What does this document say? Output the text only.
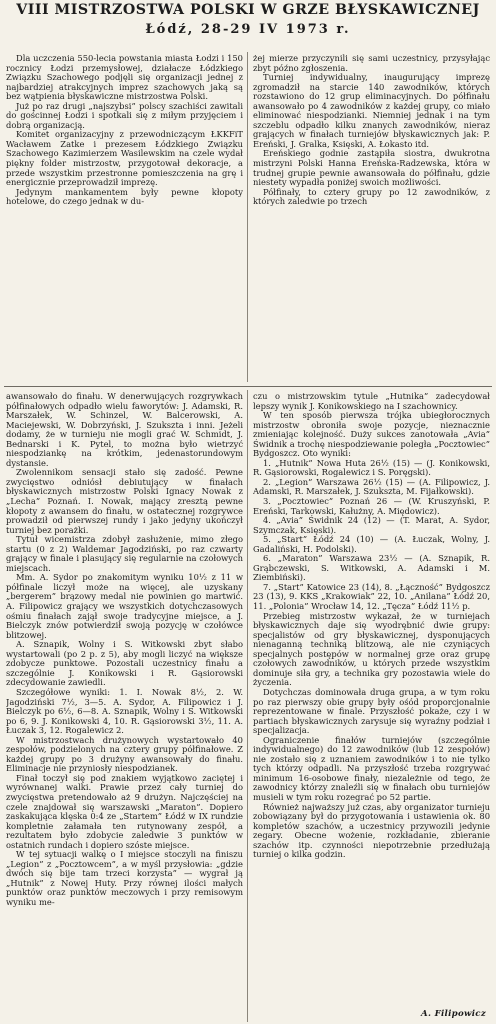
VIII MISTRZOSTWA POLSKI W GRZE BŁYSKAWICZNEJ
Łódź, 28-29 IV 1973 r.

Dla uczczenia 550-lecia powstania miasta Łodzi i 150 rocznicy Łodzi przemysłowej, działacze Łódzkiego Związku Szachowego podjęli się organizacji jednej z najbardziej atrakcyjnych imprez szachowych jaką są bez wątpienia błyskawiczne mistrzostwa Polski.

Już po raz drugi „najszybsi” polscy szachiści zawitali do gościnnej Łodzi i spotkali się z miłym przyjęciem i dobrą organizacją.

Komitet organizacyjny z przewodniczącym ŁKKFiT Wacławem Zatke i prezesem Łódzkiego Związku Szachowego Kazimierzem Wasilewskim na czele wydał piękny folder mistrzostw, przygotował dekoracje, a przede wszystkim przestronne pomieszczenia na grę i energicznie przeprowadził imprezę.

Jedynym mankamentem były pewne kłopoty hotelowe, do czego jednak w du-

żej mierze przyczynili się sami uczestnicy, przysyłając zbyt późno zgłoszenia.

Turniej indywidualny, inaugurujący imprezę zgromadził na starcie 140 zawodników, których rozstawiono do 12 grup eliminacyjnych. Do półfinału awansowało po 4 zawodników z każdej grupy, co miało eliminować niespodzianki. Niemniej jednak i na tym szczeblu odpadło kilku znanych zawodników, nieraz grających w finałach turniejów błyskawicznych jak: P. Ereński, J. Gralka, Księski, A. Łokasto itd.

Ereńskiego godnie zastąpiła siostra, dwukrotna mistrzyni Polski Hanna Ereńska-Radzewska, która w trudnej grupie pewnie awansowała do półfinału, gdzie niestety wypadła poniżej swoich możliwości.

Półfinały, to cztery grupy po 12 zawodników, z których zaledwie po trzech

awansowało do finału. W denerwujących rozgrywkach półfinałowych odpadło wielu faworytów: J. Adamski, R. Marszałek, W. Schinzel, W. Balcerowski, A. Maciejewski, W. Dobrzyński, J. Szukszta i inni. Jeżeli dodamy, że w turnieju nie mogli grać W. Schmidt, J. Bednarski i K. Pytel, to można było wietrzyć niespodziankę na krótkim, jedenastorundowym dystansie.

Zwolennikom sensacji stało się zadość. Pewne zwycięstwo odniósł debiutujący w finałach błyskawicznych mistrzostw Polski Ignacy Nowak z „Lecha” Poznań. I. Nowak, mający zresztą pewne kłopoty z awansem do finału, w ostatecznej rozgrywce prowadził od pierwszej rundy i jako jedyny ukończył turniej bez porażki.

Tytuł wicemistrza zdobył zasłużenie, mimo złego startu (0 z 2) Waldemar Jagodziński, po raz czwarty grający w finale i plasujący się regularnie na czołowych miejscach.

Mm. A. Sydor po znakomitym wyniku 10½ z 11 w półfinale liczył może na więcej, ale uzyskany „bergerem” brązowy medal nie powinien go martwić. A. Filipowicz grający we wszystkich dotychczasowych ośmiu finałach zajął swoje tradycyjne miejsce, a J. Bielczyk znów potwierdził swoją pozycję w czołówce blitzowej.

A. Sznapik, Wolny i S. Witkowski zbyt słabo wystartowali (po 2 p. z 5), aby mogli liczyć na większe zdobycze punktowe. Pozostali uczestnicy finału a szczególnie J. Konikowski i R. Gąsiorowski zdecydowanie zawiedli.

Szczegółowe wyniki: 1. I. Nowak 8½, 2. W. Jagodziński 7½, 3—5. A. Sydor, A. Filipowicz i J. Bielczyk po 6½, 6—8. A. Sznapik, Wolny i S. Witkowski po 6, 9. J. Konikowski 4, 10. R. Gąsiorowski 3½, 11. A. Łuczak 3, 12. Rogalewicz 2.

W mistrzostwach drużynowych wystartowało 40 zespołów, podzielonych na cztery grupy półfinałowe. Z każdej grupy po 3 drużyny awansowały do finału. Eliminacje nie przyniosły niespodzianek.

Finał toczył się pod znakiem wyjątkowo zaciętej i wyrównanej walki. Prawie przez cały turniej do zwycięstwa pretendowało aż 9 drużyn. Najczęściej na czele znajdował się warszawski „Maraton”. Dopiero zaskakująca klęska 0:4 ze „Startem” Łódź w IX rundzie kompletnie załamała ten rutynowany zespół, a rezultatem było zdobycie zaledwie 3 punktów w ostatnich rundach i dopiero szóste miejsce.

W tej sytuacji walkę o I miejsce stoczyli na finiszu „Legion” z „Pocztowcem”, a w myśl przysłowia: „gdzie dwóch się bije tam trzeci korzysta” — wygrał ją „Hutnik” z Nowej Huty. Przy równej ilości małych punktów oraz punktów meczowych i przy remisowym wyniku me-

czu o mistrzowskim tytule „Hutnika” zadecydował lepszy wynik J. Konikowskiego na I szachownicy.

W ten sposób pierwsza trójka ubiegłorocznych mistrzostw obroniła swoje pozycje, nieznacznie zmieniając kolejność. Duży sukces zanotowała „Avia” Świdnik a trochę niespodziewanie poległa „Pocztowiec” Bydgoszcz. Oto wyniki:

1. „Hutnik” Nowa Huta 26½ (15) — (J. Konikowski, R. Gąsiorowski, Rogalewicz i S. Poręgski).

2. „Legion” Warszawa 26½ (15) — (A. Filipowicz, J. Adamski, R. Marszałek, J. Szukszta, M. Fijałkowski).

3. „Pocztowiec” Poznań 26 — (W. Kruszyński, P. Ereński, Tarkowski, Kałużny, A. Międowicz).

4. „Avia” Świdnik 24 (12) — (T. Marat, A. Sydor, Szymczak, Księski).

5. „Start” Łódź 24 (10) — (A. Łuczak, Wolny, J. Gadaliński, H. Podolski).

6. „Maraton” Warszawa 23½ — (A. Sznapik, R. Grąbczewski, S. Witkowski, A. Adamski i M. Ziembiński).

7. „Start” Katowice 23 (14), 8. „Łączność” Bydgoszcz 23 (13), 9. KKS „Krakowiak” 22, 10. „Anilana” Łódź 20, 11. „Polonia” Wrocław 14, 12. „Tęcza” Łódź 11½ p.

Przebieg mistrzostw wykazał, że w turniejach błyskawicznych daje się wyodrębnić dwie grupy: specjalistów od gry błyskawicznej, dysponujących nienaganną techniką blitzową, ale nie czyniących specjalnych postępów w normalnej grze oraz grupę czołowych zawodników, u których przede wszystkim dominuje siła gry, a technika gry pozostawia wiele do życzenia.

Dotychczas dominowała druga grupa, a w tym roku po raz pierwszy obie grupy były ośód proporcjonalnie reprezentowane w finale. Przyszłość pokaże, czy i w partiach błyskawicznych zarysuje się wyraźny podział i specjalizacja.

Ograniczenie finałów turniejów (szczególnie indywidualnego) do 12 zawodników (lub 12 zespołów) nie zostało się z uznaniem zawodników i to nie tylko tych którzy odpadli. Na przyszłość trzeba rozgrywać minimum 16-osobowe finały, niezależnie od tego, że zawodnicy którzy znaleźli się w finałach obu turniejów musieli w tym roku rozegrać po 52 partie.

Również najważszy już czas, aby organizator turnieju zobowiązany był do przygotowania i ustawienia ok. 80 kompletów szachów, a uczestnicy przywozili jedynie zegary. Obecne wożenie, rozkładanie, zbieranie szachów itp. czynności niepotrzebnie przedłużają turniej o kilka godzin.

A. Filipowicz
